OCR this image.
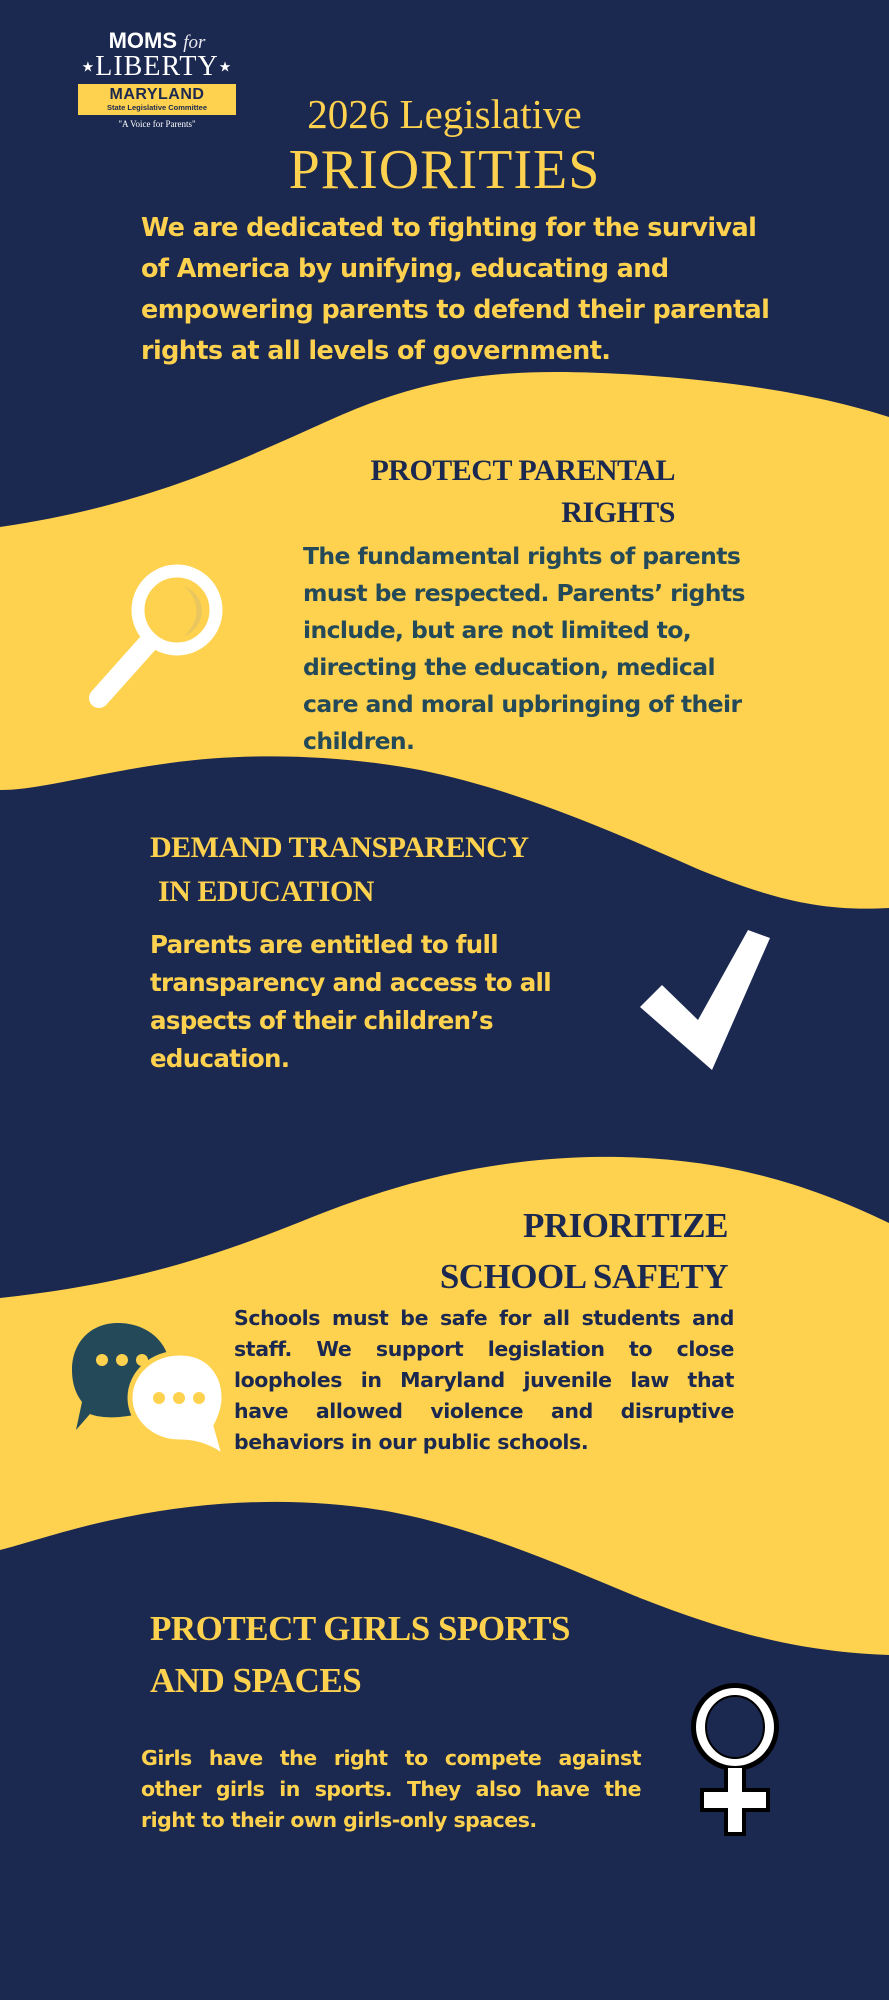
MOMS for
★LIBERTY★
MARYLAND
State Legislative Committee
"A Voice for Parents"	2026 Legislative
PRIORITIES
We are dedicated to fighting for the survival of America by unifying, educating and empowering parents to defend their parental rights at all levels of government.
PROTECT PARENTAL
RIGHTS
The fundamental rights of parents must be respected. Parents’ rights include, but are not limited to, directing the education, medical care and moral upbringing of their children.
DEMAND TRANSPARENCY
IN EDUCATION
Parents are entitled to full transparency and access to all aspects of their children’s education.
PRIORITIZE
SCHOOL SAFETY
Schools must be safe for all students and staff. We support legislation to close loopholes in Maryland juvenile law that have allowed violence and disruptive behaviors in our public schools.
PROTECT GIRLS SPORTS
AND SPACES
Girls have the right to compete against other girls in sports. They also have the right to their own girls-only spaces.
